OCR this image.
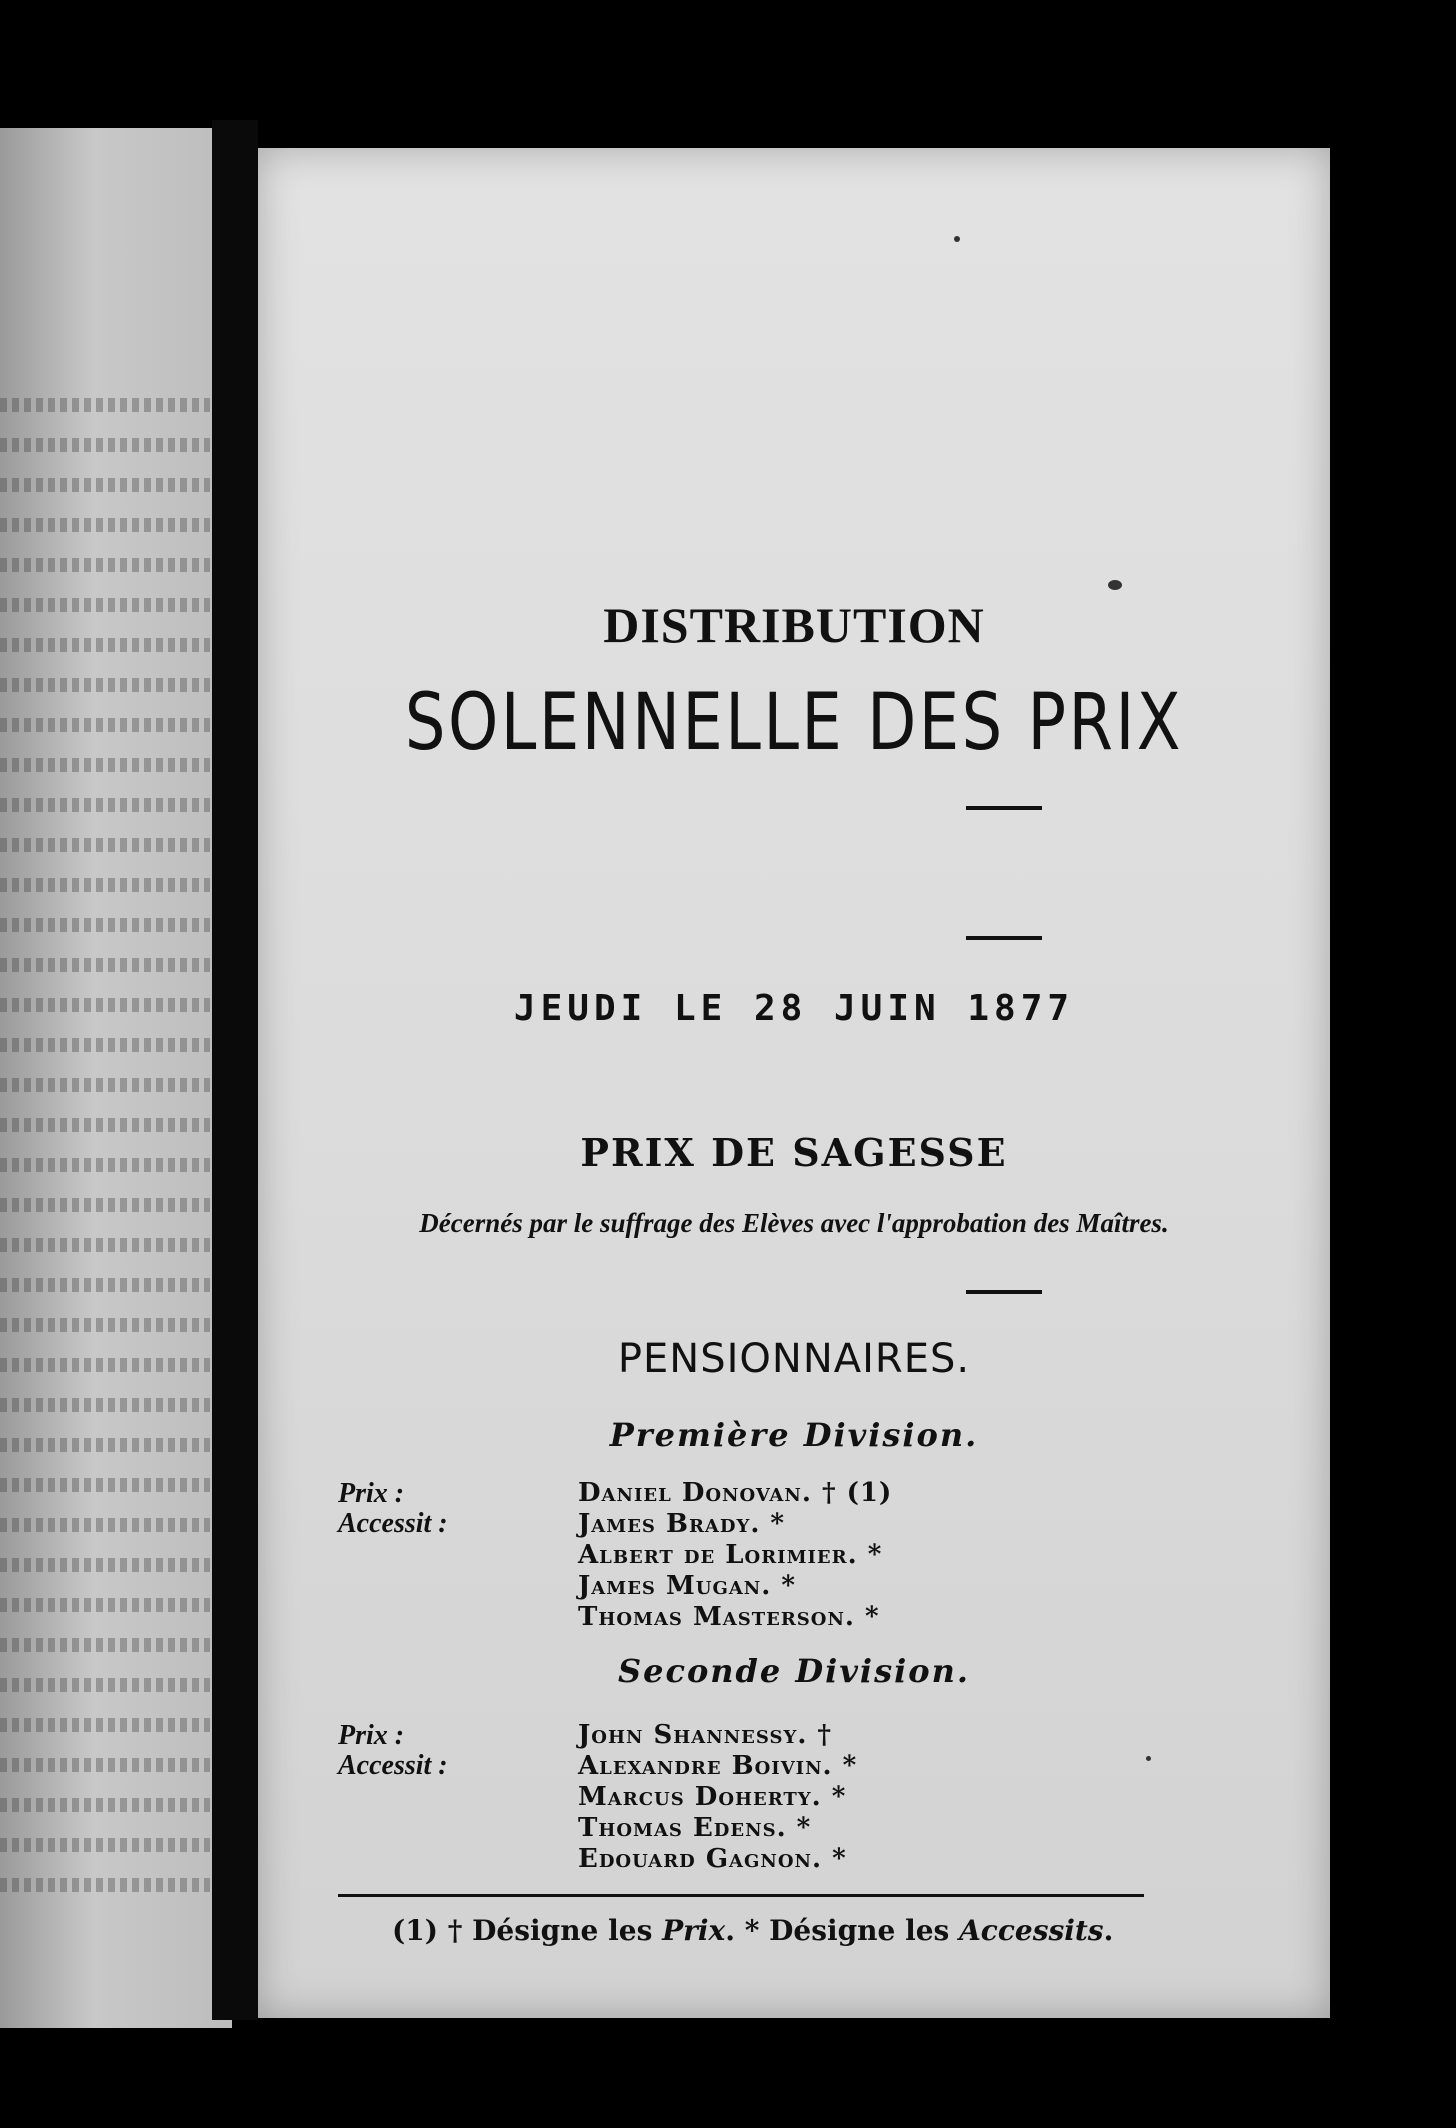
DISTRIBUTION
SOLENNELLE DES PRIX
JEUDI LE 28 JUIN 1877
PRIX DE SAGESSE
Décernés par le suffrage des Elèves avec l'approbation des Maîtres.
PENSIONNAIRES.
Première Division.
Prix :
Accessit :
Daniel Donovan. † (1)
James Brady. *
Albert de Lorimier. *
James Mugan. *
Thomas Masterson. *
Seconde Division.
Prix :
Accessit :
John Shannessy. †
Alexandre Boivin. *
Marcus Doherty. *
Thomas Edens. *
Edouard Gagnon. *
(1) † Désigne les Prix. * Désigne les Accessits.
